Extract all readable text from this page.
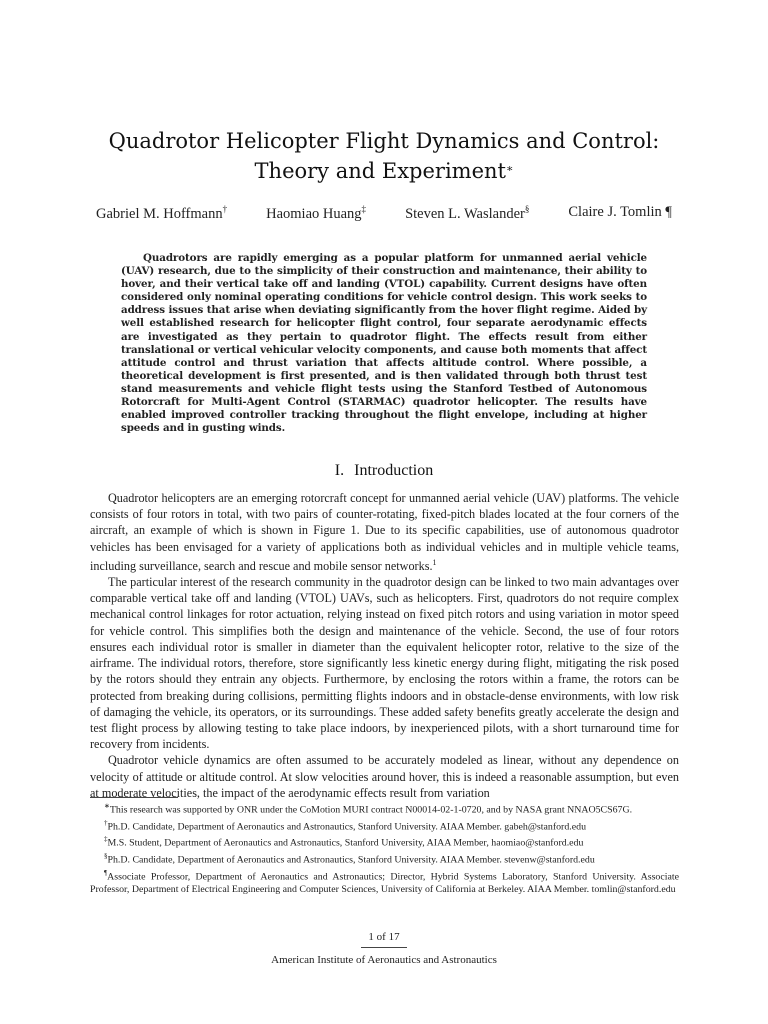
Quadrotor Helicopter Flight Dynamics and Control:
Theory and Experiment∗
Gabriel M. Hoffmann†	Haomiao Huang‡	Steven L. Waslander§	Claire J. Tomlin ¶
Quadrotors are rapidly emerging as a popular platform for unmanned aerial vehicle (UAV) research, due to the simplicity of their construction and maintenance, their ability to hover, and their vertical take off and landing (VTOL) capability. Current designs have often considered only nominal operating conditions for vehicle control design. This work seeks to address issues that arise when deviating significantly from the hover flight regime. Aided by well established research for helicopter flight control, four separate aerodynamic effects are investigated as they pertain to quadrotor flight. The effects result from either translational or vertical vehicular velocity components, and cause both moments that affect attitude control and thrust variation that affects altitude control. Where possible, a theoretical development is first presented, and is then validated through both thrust test stand measurements and vehicle flight tests using the Stanford Testbed of Autonomous Rotorcraft for Multi-Agent Control (STARMAC) quadrotor helicopter. The results have enabled improved controller tracking throughout the flight envelope, including at higher speeds and in gusting winds.
I. Introduction

Quadrotor helicopters are an emerging rotorcraft concept for unmanned aerial vehicle (UAV) platforms. The vehicle consists of four rotors in total, with two pairs of counter-rotating, fixed-pitch blades located at the four corners of the aircraft, an example of which is shown in Figure 1. Due to its specific capabilities, use of autonomous quadrotor vehicles has been envisaged for a variety of applications both as individual vehicles and in multiple vehicle teams, including surveillance, search and rescue and mobile sensor networks.$^1$

The particular interest of the research community in the quadrotor design can be linked to two main advantages over comparable vertical take off and landing (VTOL) UAVs, such as helicopters. First, quadrotors do not require complex mechanical control linkages for rotor actuation, relying instead on fixed pitch rotors and using variation in motor speed for vehicle control. This simplifies both the design and maintenance of the vehicle. Second, the use of four rotors ensures each individual rotor is smaller in diameter than the equivalent helicopter rotor, relative to the size of the airframe. The individual rotors, therefore, store significantly less kinetic energy during flight, mitigating the risk posed by the rotors should they entrain any objects. Furthermore, by enclosing the rotors within a frame, the rotors can be protected from breaking during collisions, permitting flights indoors and in obstacle-dense environments, with low risk of damaging the vehicle, its operators, or its surroundings. These added safety benefits greatly accelerate the design and test flight process by allowing testing to take place indoors, by inexperienced pilots, with a short turnaround time for recovery from incidents.

Quadrotor vehicle dynamics are often assumed to be accurately modeled as linear, without any dependence on velocity of attitude or altitude control. At slow velocities around hover, this is indeed a reasonable assumption, but even at moderate velocities, the impact of the aerodynamic effects result from variation

∗This research was supported by ONR under the CoMotion MURI contract N00014-02-1-0720, and by NASA grant NNAO5CS67G.

†Ph.D. Candidate, Department of Aeronautics and Astronautics, Stanford University. AIAA Member. gabeh@stanford.edu

‡M.S. Student, Department of Aeronautics and Astronautics, Stanford University, AIAA Member, haomiao@stanford.edu

§Ph.D. Candidate, Department of Aeronautics and Astronautics, Stanford University. AIAA Member. stevenw@stanford.edu

¶Associate Professor, Department of Aeronautics and Astronautics; Director, Hybrid Systems Laboratory, Stanford University. Associate Professor, Department of Electrical Engineering and Computer Sciences, University of California at Berkeley. AIAA Member. tomlin@stanford.edu

1 of 17
American Institute of Aeronautics and Astronautics
